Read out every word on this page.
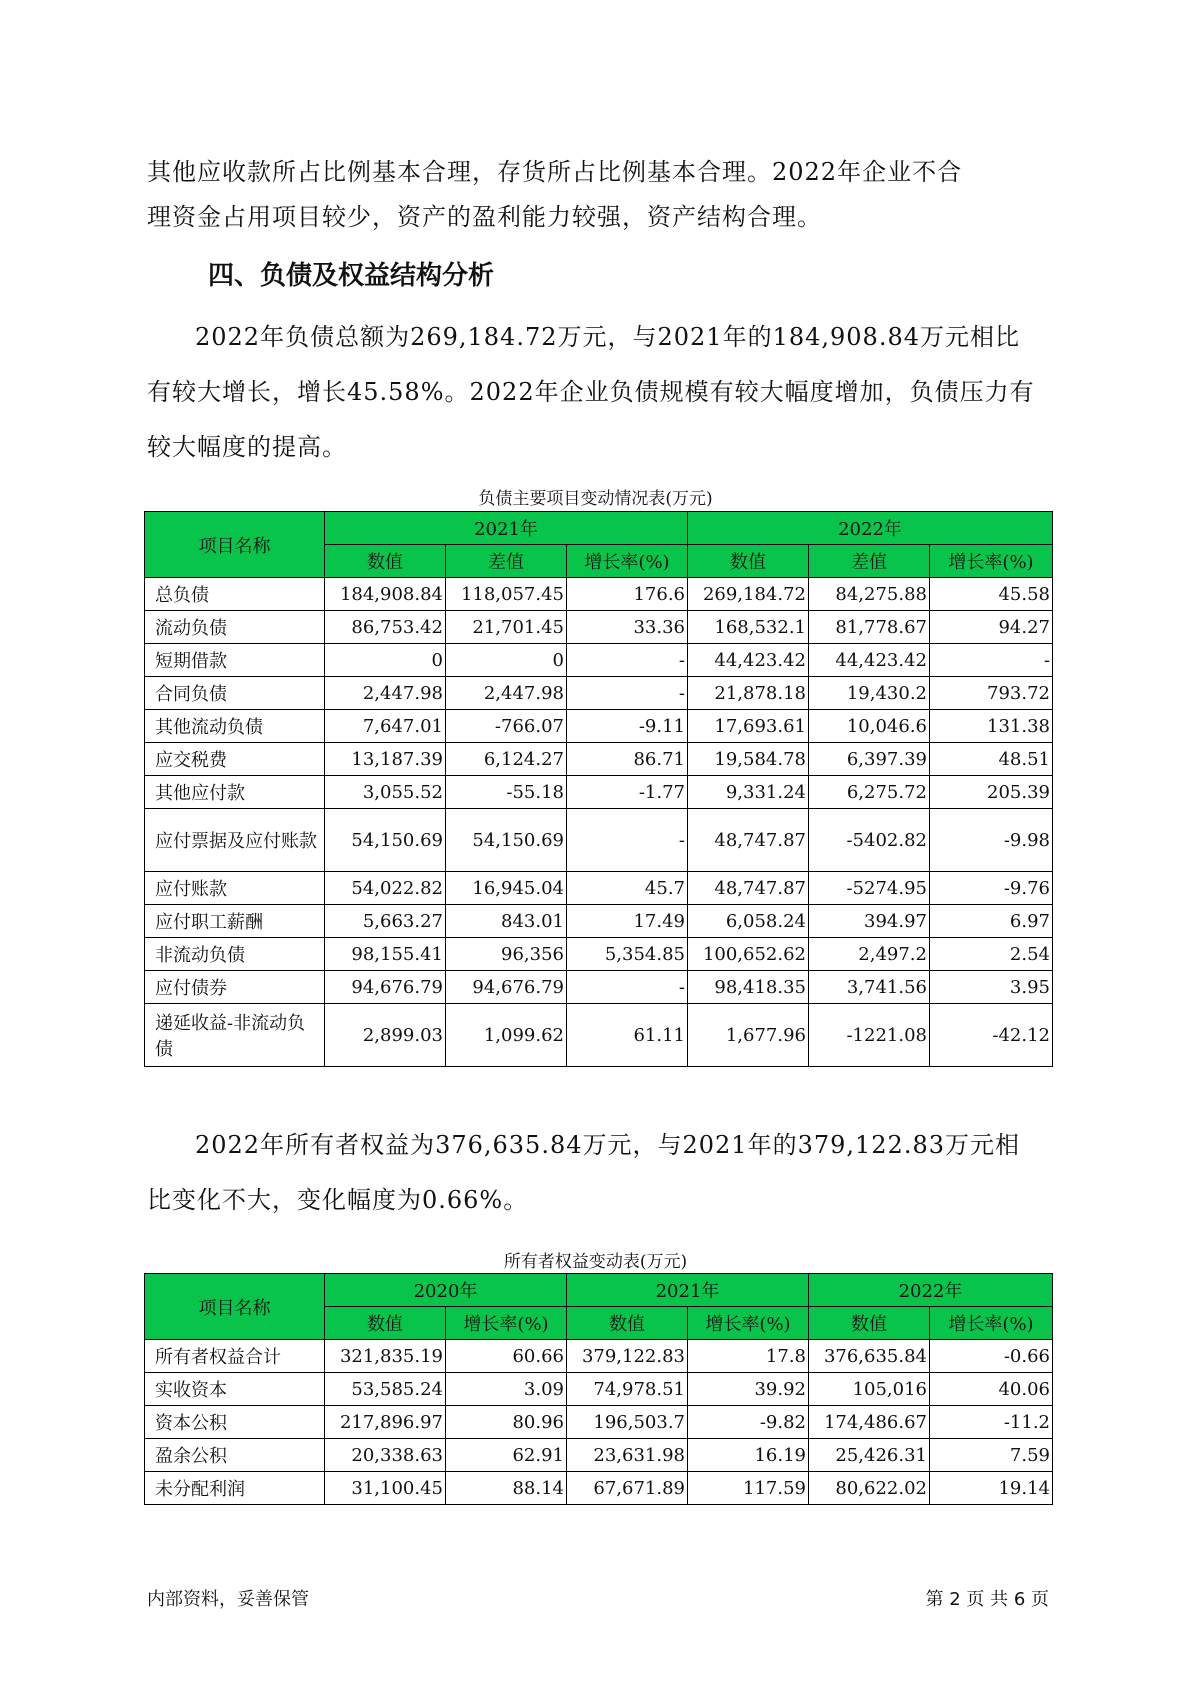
其他应收款所占比例基本合理，存货所占比例基本合理。2022年企业不合
理资金占用项目较少，资产的盈利能力较强，资产结构合理。
四、负债及权益结构分析
2022年负债总额为269,184.72万元，与2021年的184,908.84万元相比有较大增长，增长45.58%。2022年企业负债规模有较大幅度增加，负债压力有较大幅度的提高。
负债主要项目变动情况表(万元)
项目名称	2021年			2022年		
	数值	差值	增长率(%)	数值	差值	增长率(%)
总负债	184,908.84	118,057.45	176.6	269,184.72	84,275.88	45.58
流动负债	86,753.42	21,701.45	33.36	168,532.1	81,778.67	94.27
短期借款	0	0	-	44,423.42	44,423.42	-
合同负债	2,447.98	2,447.98	-	21,878.18	19,430.2	793.72
其他流动负债	7,647.01	-766.07	-9.11	17,693.61	10,046.6	131.38
应交税费	13,187.39	6,124.27	86.71	19,584.78	6,397.39	48.51
其他应付款	3,055.52	-55.18	-1.77	9,331.24	6,275.72	205.39
应付票据及应付账款	54,150.69	54,150.69	-	48,747.87	-5402.82	-9.98
应付账款	54,022.82	16,945.04	45.7	48,747.87	-5274.95	-9.76
应付职工薪酬	5,663.27	843.01	17.49	6,058.24	394.97	6.97
非流动负债	98,155.41	96,356	5,354.85	100,652.62	2,497.2	2.54
应付债券	94,676.79	94,676.79	-	98,418.35	3,741.56	3.95
递延收益-非流动负债	2,899.03	1,099.62	61.11	1,677.96	-1221.08	-42.12
2022年所有者权益为376,635.84万元，与2021年的379,122.83万元相比变化不大，变化幅度为0.66%。
所有者权益变动表(万元)
项目名称	2020年		2021年		2022年	
	数值	增长率(%)	数值	增长率(%)	数值	增长率(%)
所有者权益合计	321,835.19	60.66	379,122.83	17.8	376,635.84	-0.66
实收资本	53,585.24	3.09	74,978.51	39.92	105,016	40.06
资本公积	217,896.97	80.96	196,503.7	-9.82	174,486.67	-11.2
盈余公积	20,338.63	62.91	23,631.98	16.19	25,426.31	7.59
未分配利润	31,100.45	88.14	67,671.89	117.59	80,622.02	19.14
内部资料，妥善保管	第 2 页 共 6 页
